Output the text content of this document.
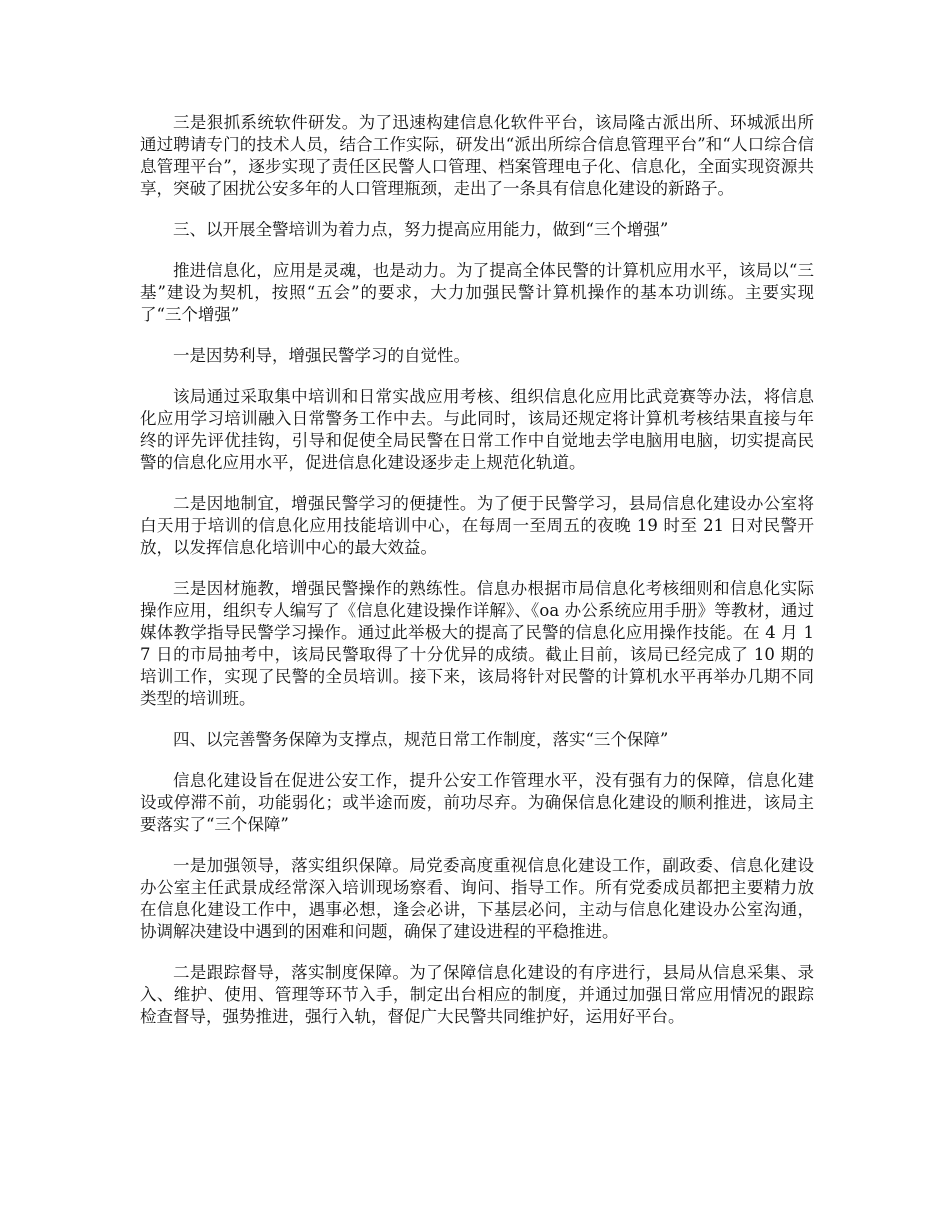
三是狠抓系统软件研发。为了迅速构建信息化软件平台，该局隆古派出所、环城派出所通过聘请专门的技术人员，结合工作实际，研发出“派出所综合信息管理平台”和“人口综合信息管理平台”，逐步实现了责任区民警人口管理、档案管理电子化、信息化，全面实现资源共享，突破了困扰公安多年的人口管理瓶颈，走出了一条具有信息化建设的新路子。

三、以开展全警培训为着力点，努力提高应用能力，做到“三个增强”

推进信息化，应用是灵魂，也是动力。为了提高全体民警的计算机应用水平，该局以“三基”建设为契机，按照“五会”的要求，大力加强民警计算机操作的基本功训练。主要实现了“三个增强”

一是因势利导，增强民警学习的自觉性。

该局通过采取集中培训和日常实战应用考核、组织信息化应用比武竞赛等办法，将信息化应用学习培训融入日常警务工作中去。与此同时，该局还规定将计算机考核结果直接与年终的评先评优挂钩，引导和促使全局民警在日常工作中自觉地去学电脑用电脑，切实提高民警的信息化应用水平，促进信息化建设逐步走上规范化轨道。

二是因地制宜，增强民警学习的便捷性。为了便于民警学习，县局信息化建设办公室将白天用于培训的信息化应用技能培训中心，在每周一至周五的夜晚 19 时至 21 日对民警开放，以发挥信息化培训中心的最大效益。

三是因材施教，增强民警操作的熟练性。信息办根据市局信息化考核细则和信息化实际操作应用，组织专人编写了《信息化建设操作详解》、《oa 办公系统应用手册》等教材，通过媒体教学指导民警学习操作。通过此举极大的提高了民警的信息化应用操作技能。在 4 月 17 日的市局抽考中，该局民警取得了十分优异的成绩。截止目前，该局已经完成了 10 期的培训工作，实现了民警的全员培训。接下来，该局将针对民警的计算机水平再举办几期不同类型的培训班。

四、以完善警务保障为支撑点，规范日常工作制度，落实“三个保障”

信息化建设旨在促进公安工作，提升公安工作管理水平，没有强有力的保障，信息化建设或停滞不前，功能弱化；或半途而废，前功尽弃。为确保信息化建设的顺利推进，该局主要落实了“三个保障”

一是加强领导，落实组织保障。局党委高度重视信息化建设工作，副政委、信息化建设办公室主任武景成经常深入培训现场察看、询问、指导工作。所有党委成员都把主要精力放在信息化建设工作中，遇事必想，逢会必讲，下基层必问，主动与信息化建设办公室沟通，协调解决建设中遇到的困难和问题，确保了建设进程的平稳推进。

二是跟踪督导，落实制度保障。为了保障信息化建设的有序进行，县局从信息采集、录入、维护、使用、管理等环节入手，制定出台相应的制度，并通过加强日常应用情况的跟踪检查督导，强势推进，强行入轨，督促广大民警共同维护好，运用好平台。
